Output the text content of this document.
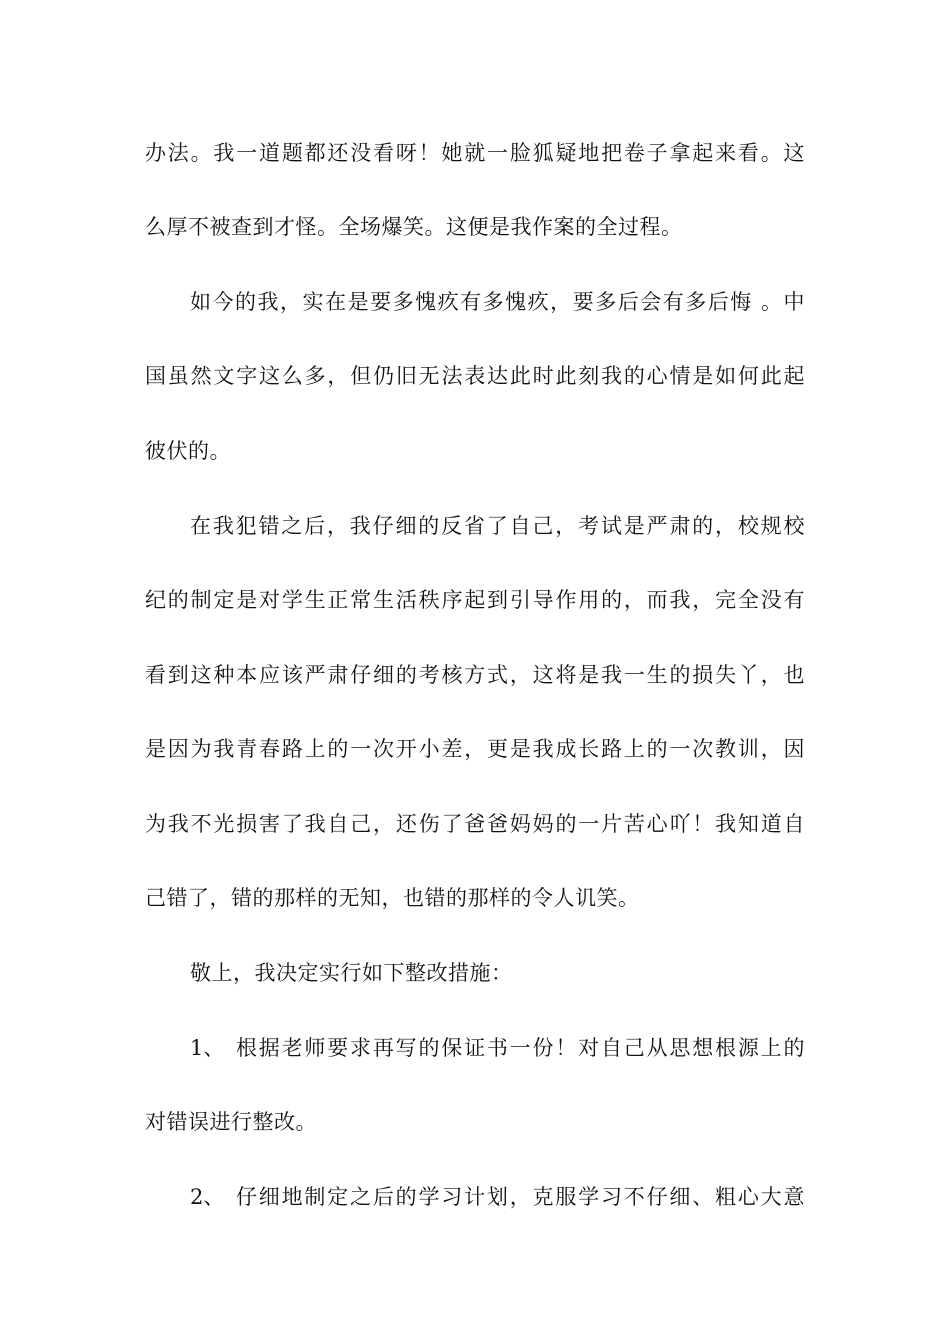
办法。我一道题都还没看呀！她就一脸狐疑地把卷子拿起来看。这
么厚不被查到才怪。全场爆笑。这便是我作案的全过程。
如今的我，实在是要多愧疚有多愧疚，要多后会有多后悔 。中
国虽然文字这么多，但仍旧无法表达此时此刻我的心情是如何此起
彼伏的。
在我犯错之后，我仔细的反省了自己，考试是严肃的，校规校
纪的制定是对学生正常生活秩序起到引导作用的，而我，完全没有
看到这种本应该严肃仔细的考核方式，这将是我一生的损失丫，也
是因为我青春路上的一次开小差，更是我成长路上的一次教训，因
为我不光损害了我自己，还伤了爸爸妈妈的一片苦心吖！我知道自
己错了，错的那样的无知，也错的那样的令人讥笑。
敬上，我决定实行如下整改措施：
1、 根据老师要求再写的保证书一份！对自己从思想根源上的
对错误进行整改。
2、 仔细地制定之后的学习计划，克服学习不仔细、粗心大意
